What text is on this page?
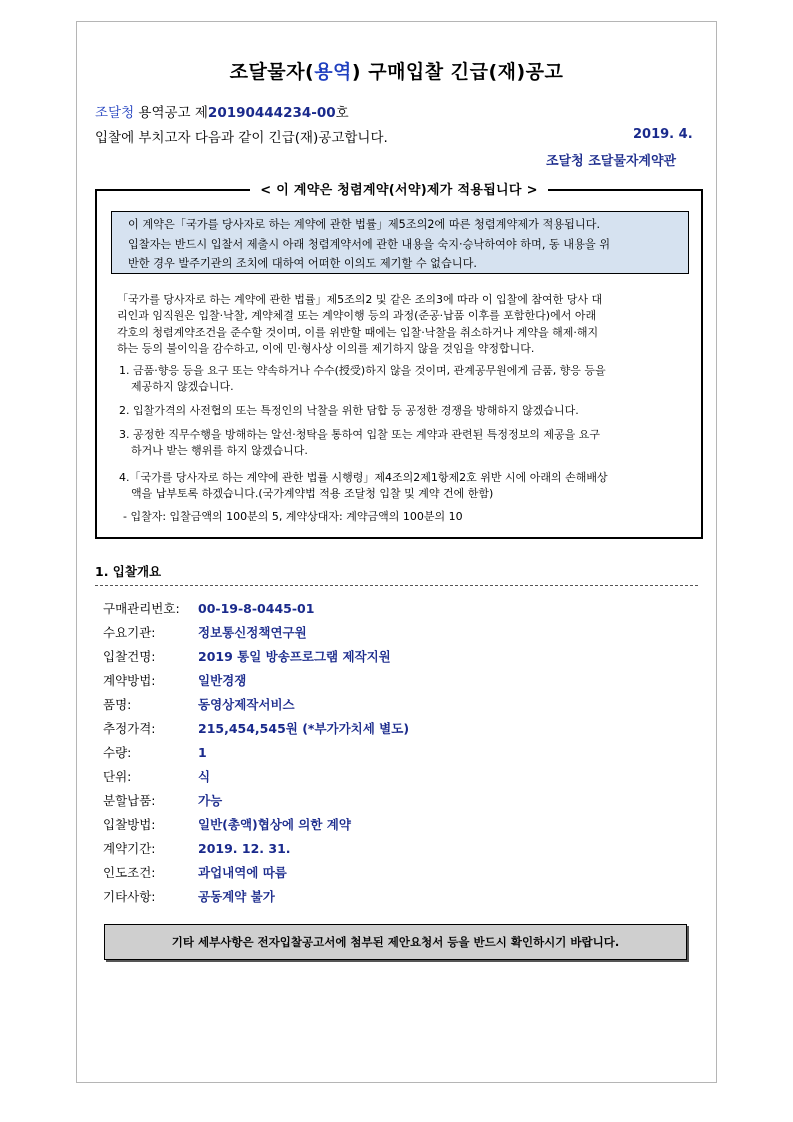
조달물자(용역) 구매입찰 긴급(재)공고
조달청 용역공고 제20190444234-00호
입찰에 부치고자 다음과 같이 긴급(재)공고합니다.	2019. 4.
조달청 조달물자계약관
< 이 계약은 청렴계약(서약)제가 적용됩니다 >
이 계약은「국가를 당사자로 하는 계약에 관한 법률」제5조의2에 따른 청렴계약제가 적용됩니다.
입찰자는 반드시 입찰서 제출시 아래 청렴계약서에 관한 내용을 숙지·승낙하여야 하며, 동 내용을 위
반한 경우 발주기관의 조치에 대하여 어떠한 이의도 제기할 수 없습니다.
「국가를 당사자로 하는 계약에 관한 법률」제5조의2 및 같은 조의3에 따라 이 입찰에 참여한 당사 대
리인과 임직원은 입찰·낙찰, 계약체결 또는 계약이행 등의 과정(준공·납품 이후를 포함한다)에서 아래
각호의 청렴계약조건을 준수할 것이며, 이를 위반할 때에는 입찰·낙찰을 취소하거나 계약을 해제·해지
하는 등의 불이익을 감수하고, 이에 민·형사상 이의를 제기하지 않을 것임을 약정합니다.
1. 금품·향응 등을 요구 또는 약속하거나 수수(授受)하지 않을 것이며, 관계공무원에게 금품, 향응 등을
제공하지 않겠습니다.
2. 입찰가격의 사전협의 또는 특정인의 낙찰을 위한 담합 등 공정한 경쟁을 방해하지 않겠습니다.
3. 공정한 직무수행을 방해하는 알선·청탁을 통하여 입찰 또는 계약과 관련된 특정정보의 제공을 요구
하거나 받는 행위를 하지 않겠습니다.
4.「국가를 당사자로 하는 계약에 관한 법률 시행령」제4조의2제1항제2호 위반 시에 아래의 손해배상
액을 납부토록 하겠습니다.(국가계약법 적용 조달청 입찰 및 계약 건에 한함)
- 입찰자: 입찰금액의 100분의 5, 계약상대자: 계약금액의 100분의 10
1. 입찰개요
구매관리번호: 00-19-8-0445-01
수요기관:	정보통신정책연구원
입찰건명:	2019 통일 방송프로그램 제작지원
계약방법:	일반경쟁
품명:	동영상제작서비스
추정가격:	215,454,545원 (*부가가치세 별도)
수량:	1
단위:	식
분할납품:	가능
입찰방법:	일반(총액)협상에 의한 계약
계약기간:	2019. 12. 31.
인도조건:	과업내역에 따름
기타사항:	공동계약 불가
기타 세부사항은 전자입찰공고서에 첨부된 제안요청서 등을 반드시 확인하시기 바랍니다.
